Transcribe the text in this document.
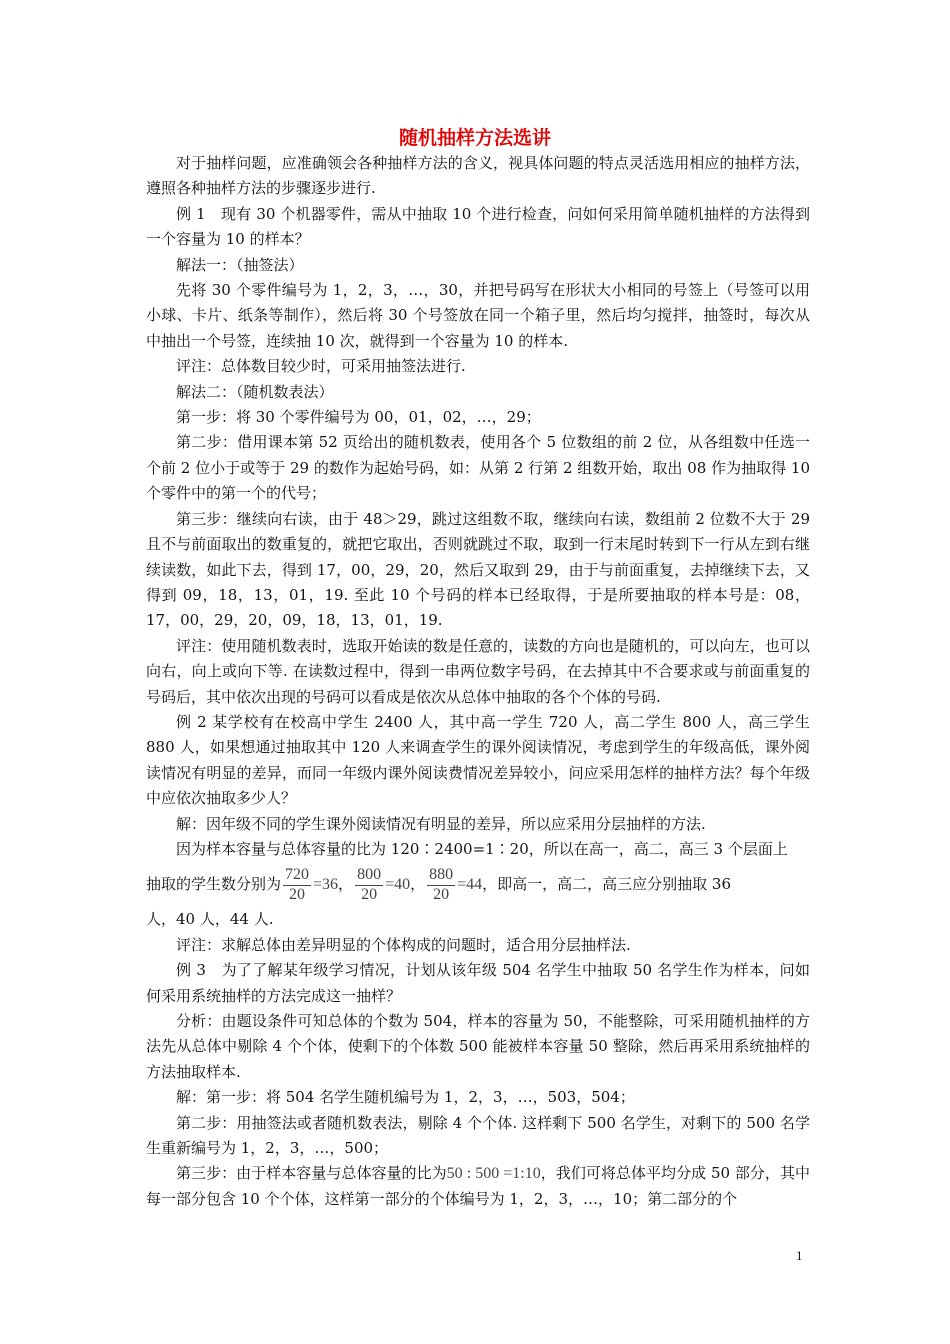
随机抽样方法选讲

对于抽样问题，应准确领会各种抽样方法的含义，视具体问题的特点灵活选用相应的抽样方法，遵照各种抽样方法的步骤逐步进行.

例 1　现有 30 个机器零件，需从中抽取 10 个进行检查，问如何采用简单随机抽样的方法得到一个容量为 10 的样本？

解法一：（抽签法）

先将 30 个零件编号为 1，2，3，…，30，并把号码写在形状大小相同的号签上（号签可以用小球、卡片、纸条等制作），然后将 30 个号签放在同一个箱子里，然后均匀搅拌，抽签时，每次从中抽出一个号签，连续抽 10 次，就得到一个容量为 10 的样本.

评注：总体数目较少时，可采用抽签法进行.

解法二：（随机数表法）

第一步：将 30 个零件编号为 00，01，02，…，29；

第二步：借用课本第 52 页给出的随机数表，使用各个 5 位数组的前 2 位，从各组数中任选一个前 2 位小于或等于 29 的数作为起始号码，如：从第 2 行第 2 组数开始，取出 08 作为抽取得 10 个零件中的第一个的代号；

第三步：继续向右读，由于 48＞29，跳过这组数不取，继续向右读，数组前 2 位数不大于 29 且不与前面取出的数重复的，就把它取出，否则就跳过不取，取到一行末尾时转到下一行从左到右继续读数，如此下去，得到 17，00，29，20，然后又取到 29，由于与前面重复，去掉继续下去，又得到 09，18，13，01，19. 至此 10 个号码的样本已经取得，于是所要抽取的样本号是：08，17，00，29，20，09，18，13，01，19.

评注：使用随机数表时，选取开始读的数是任意的，读数的方向也是随机的，可以向左，也可以向右，向上或向下等. 在读数过程中，得到一串两位数字号码，在去掉其中不合要求或与前面重复的号码后，其中依次出现的号码可以看成是依次从总体中抽取的各个个体的号码.

例 2 某学校有在校高中学生 2400 人，其中高一学生 720 人，高二学生 800 人，高三学生 880 人，如果想通过抽取其中 120 人来调查学生的课外阅读情况，考虑到学生的年级高低，课外阅读情况有明显的差异，而同一年级内课外阅读费情况差异较小，问应采用怎样的抽样方法？每个年级中应依次抽取多少人？

解：因年级不同的学生课外阅读情况有明显的差异，所以应采用分层抽样的方法.

因为样本容量与总体容量的比为 120∶2400=1∶20，所以在高一，高二，高三 3 个层面上

抽取的学生数分别为 $\frac{720}{20} =36$， $\frac{800}{20} =40$， $\frac{880}{20} =44$，即高一，高二，高三应分别抽取 36

人，40 人，44 人.

评注：求解总体由差异明显的个体构成的问题时，适合用分层抽样法.

例 3　为了了解某年级学习情况，计划从该年级 504 名学生中抽取 50 名学生作为样本，问如何采用系统抽样的方法完成这一抽样？

分析：由题设条件可知总体的个数为 504，样本的容量为 50，不能整除，可采用随机抽样的方法先从总体中剔除 4 个个体，使剩下的个体数 500 能被样本容量 50 整除，然后再采用系统抽样的方法抽取样本.

解：第一步：将 504 名学生随机编号为 1，2，3，…，503，504；

第二步：用抽签法或者随机数表法，剔除 4 个个体. 这样剩下 500 名学生，对剩下的 500 名学生重新编号为 1，2，3，…，500；

第三步：由于样本容量与总体容量的比为50 : 500 =1:10，我们可将总体平均分成 50 部分，其中每一部分包含 10 个个体，这样第一部分的个体编号为 1，2，3，…，10；第二部分的个

1
